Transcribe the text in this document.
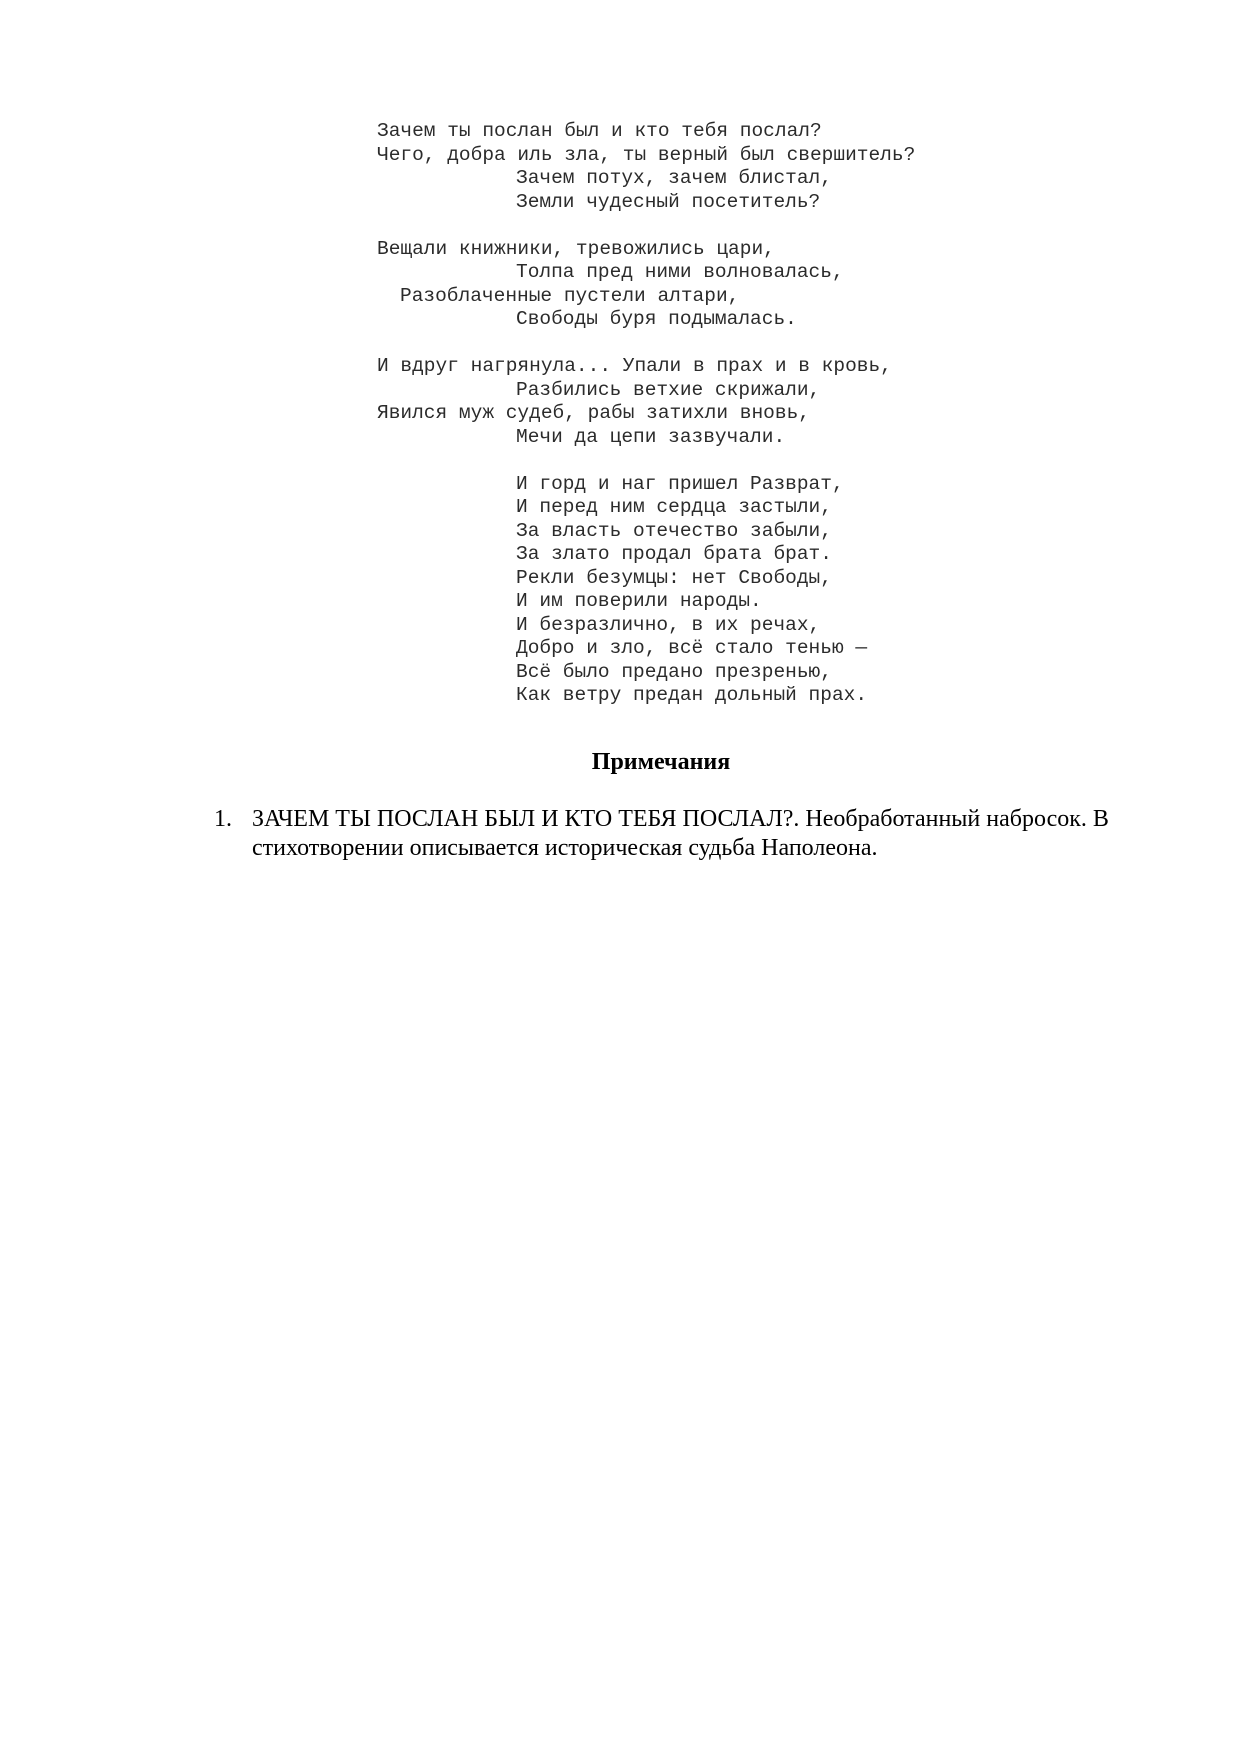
Зачем ты послан был и кто тебя послал?
Чего, добра иль зла, ты верный был свершитель?
Зачем потух, зачем блистал,
Земли чудесный посетитель?
Вещали книжники, тревожились цари,
Толпа пред ними волновалась,
Разоблаченные пустели алтари,
Свободы буря подымалась.
И вдруг нагрянула... Упали в прах и в кровь,
Разбились ветхие скрижали,
Явился муж судеб, рабы затихли вновь,
Мечи да цепи зазвучали.
И горд и наг пришел Разврат,
И перед ним сердца застыли,
За власть отечество забыли,
За злато продал брата брат.
Рекли безумцы: нет Свободы,
И им поверили народы.
И безразлично, в их речах,
Добро и зло, всё стало тенью —
Всё было предано презренью,
Как ветру предан дольный прах.
Примечания
1. ЗАЧЕМ ТЫ ПОСЛАН БЫЛ И КТО ТЕБЯ ПОСЛАЛ?. Необработанный набросок. В стихотворении описывается историческая судьба Наполеона.
